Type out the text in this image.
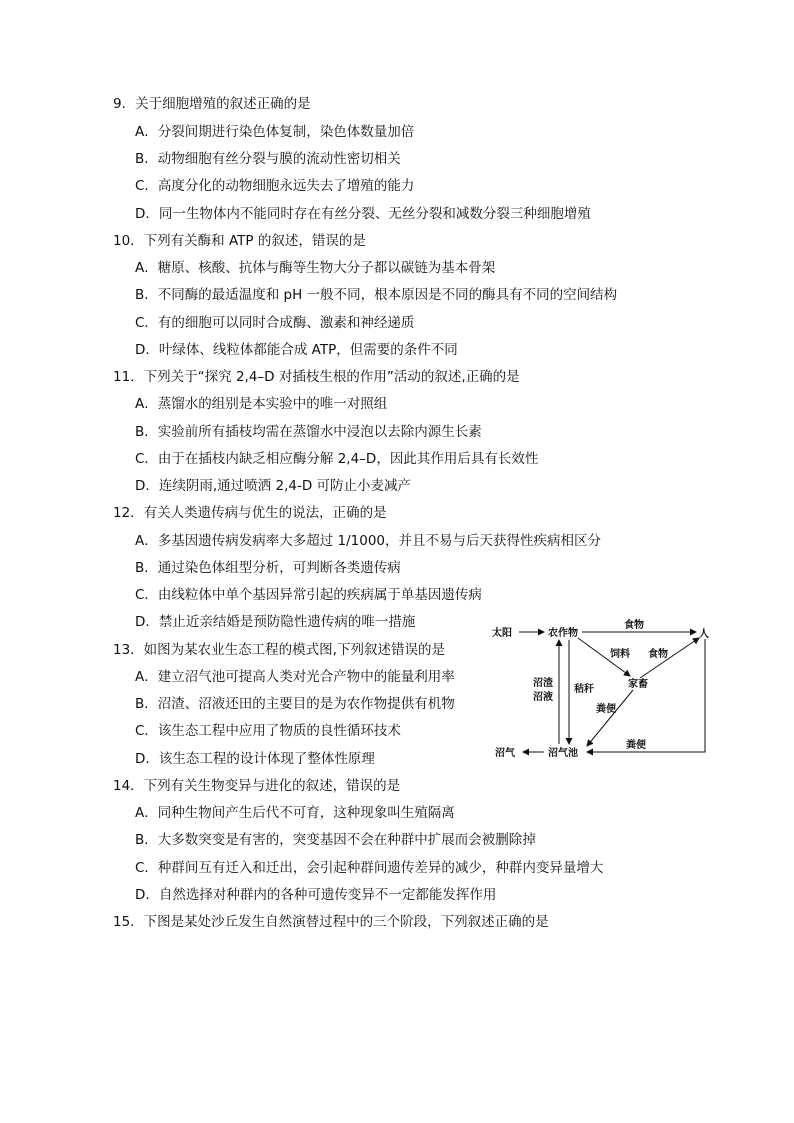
9．关于细胞增殖的叙述正确的是
A．分裂间期进行染色体复制，染色体数量加倍
B．动物细胞有丝分裂与膜的流动性密切相关
C．高度分化的动物细胞永远失去了增殖的能力
D．同一生物体内不能同时存在有丝分裂、无丝分裂和减数分裂三种细胞增殖
10．下列有关酶和 ATP 的叙述，错误的是
A．糖原、核酸、抗体与酶等生物大分子都以碳链为基本骨架
B．不同酶的最适温度和 pH 一般不同，根本原因是不同的酶具有不同的空间结构
C．有的细胞可以同时合成酶、激素和神经递质
D．叶绿体、线粒体都能合成 ATP，但需要的条件不同
11．下列关于“探究 2,4–D 对插枝生根的作用”活动的叙述,正确的是
A．蒸馏水的组别是本实验中的唯一对照组
B．实验前所有插枝均需在蒸馏水中浸泡以去除内源生长素
C．由于在插枝内缺乏相应酶分解 2,4–D，因此其作用后具有长效性
D．连续阴雨,通过喷洒 2,4-D 可防止小麦减产
12．有关人类遗传病与优生的说法，正确的是
A．多基因遗传病发病率大多超过 1/1000，并且不易与后天获得性疾病相区分
B．通过染色体组型分析，可判断各类遗传病
C．由线粒体中单个基因异常引起的疾病属于单基因遗传病
D．禁止近亲结婚是预防隐性遗传病的唯一措施
13．如图为某农业生态工程的模式图,下列叙述错误的是
A．建立沼气池可提高人类对光合产物中的能量利用率
B．沼渣、沼液还田的主要目的是为农作物提供有机物
C．该生态工程中应用了物质的良性循环技术
D．该生态工程的设计体现了整体性原理
14．下列有关生物变异与进化的叙述，错误的是
A．同种生物间产生后代不可育，这种现象叫生殖隔离
B．大多数突变是有害的，突变基因不会在种群中扩展而会被删除掉
C．种群间互有迁入和迁出，会引起种群间遗传差异的减少，种群内变异量增大
D．自然选择对种群内的各种可遗传变异不一定都能发挥作用
15．下图是某处沙丘发生自然演替过程中的三个阶段，下列叙述正确的是
太阳	农作物
食物
人
饲料 食物
家畜
沼渣
沼液
秸秆
粪便
粪便
沼气	沼气池
